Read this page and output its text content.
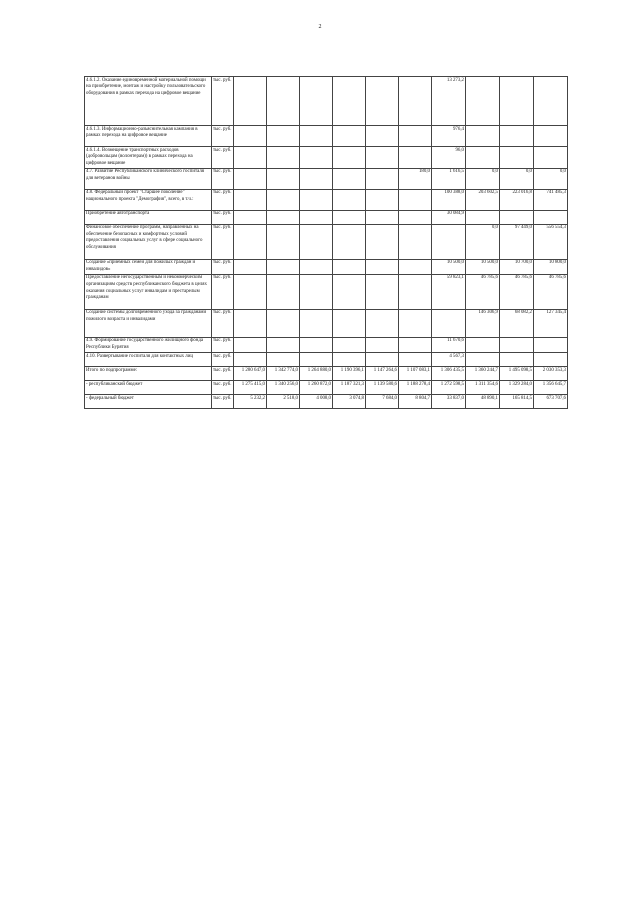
2
4.6.1.2. Оказание единовременной материальной помощи на приобретение, монтаж и настройку пользовательского оборудования в рамках перехода на цифровое вещание	тыс. руб.							13 273,2			
4.6.1.3. Информационно-разъяснительная кампания в рамках перехода на цифровое вещание	тыс. руб.							976,4			
4.6.1.4. Возмещение транспортных расходов (добровольцам (волонтерам)) в рамках перехода на цифровое вещание	тыс. руб.							96,0			
4.7. Развитие Республиканского клинического госпиталя для ветеранов войны	тыс. руб.						180,0	1 616,5	0,0	0,0	0,0
4.8. Федеральный проект "Старшее поколение" национального проекта "Демография", всего, в т.ч.:	тыс. руб.							100 388,0	203 602,5	223 016,8	741 485,3
Приобретение автотранспорта	тыс. руб.							30 084,9			
Финансовое обеспечение программ, направленных на обеспечение безопасных и комфортных условий предоставления социальных услуг в сфере социального обслуживания	тыс. руб.								0,0	97 449,0	556 554,3
Создание «приемных семей для пожилых граждан и инвалидов»	тыс. руб.							10 500,0	10 500,0	10 700,0	10 800,0
Предоставление негосударственным и некоммерческим организациям средств республиканского бюджета в целях оказания социальных услуг инвалидам и престарелым гражданам	тыс. руб.							59 823,1	46 785,6	46 785,6	46 785,6
Создание системы долговременного ухода за гражданами пожилого возраста и инвалидами	тыс. руб.								146 306,9	68 082,2	127 345,4
4.9. Формирование государственного жилищного фонда Республики Бурятия	тыс. руб.							11 670,6			
4.10. Развертывание госпиталя для контактных лиц	тыс. руб.							4 567,3			
Итого по подпрограмме:	тыс. руб.	1 280 647,0	1 342 774,0	1 264 880,0	1 190 396,1	1 147 264,6	1 107 083,1	1 306 435,5	1 360 244,7	1 495 098,5	2 030 353,3
- республиканский бюджет	тыс. руб.	1 275 415,0	1 340 256,0	1 260 872,0	1 187 321,3	1 139 580,6	1 188 278,4	1 272 598,5	1 311 354,6	1 329 284,0	1 356 645,7
- федеральный бюджет	тыс. руб.	5 232,2	2 518,0	4 008,0	3 074,8	7 684,0	8 804,7	33 837,0	48 890,1	165 814,5	673 707,6
